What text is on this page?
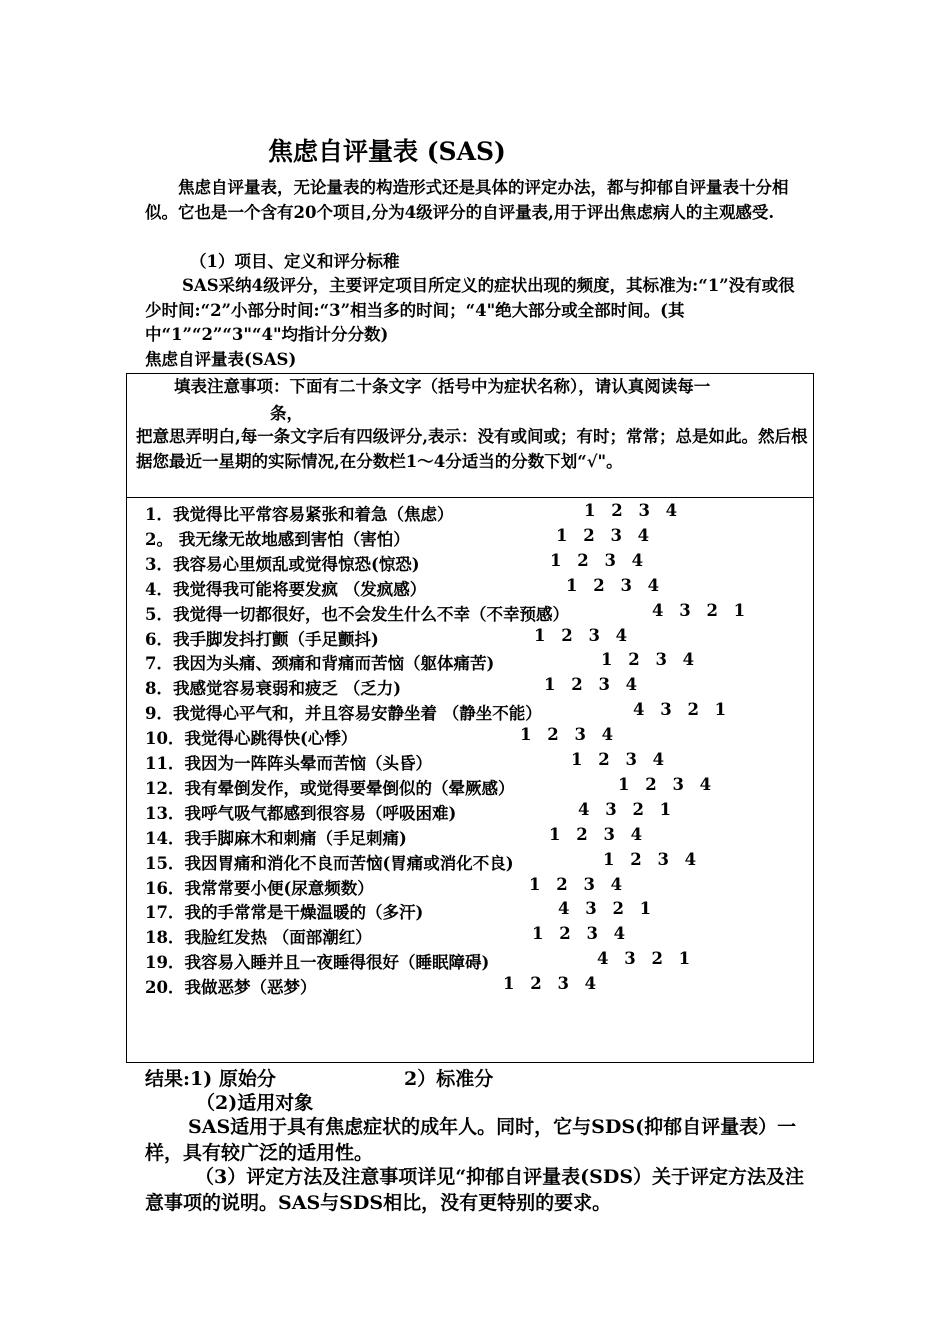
焦虑自评量表 (SAS)
焦虑自评量表，无论量表的构造形式还是具体的评定办法，都与抑郁自评量表十分相似。它也是一个含有20个项目,分为4级评分的自评量表,用于评出焦虑病人的主观感受.
（1）项目、定义和评分标稚
SAS采纳4级评分，主要评定项目所定义的症状出现的频度，其标准为:“1”没有或很少时间:“2”小部分时间:“3”相当多的时间；“4"绝大部分或全部时间。(其中“1”“2”“3"“4"均指计分分数)
焦虑自评量表(SAS)
填表注意事项：下面有二十条文字（括号中为症状名称），请认真阅读每一
条，
把意思弄明白,每一条文字后有四级评分,表示：没有或间或；有时；常常；总是如此。然后根据您最近一星期的实际情况,在分数栏1～4分适当的分数下划“√"。
1．我觉得比平常容易紧张和着急（焦虑）	1 2 3 4
2。 我无缘无故地感到害怕（害怕）	1 2 3 4
3．我容易心里烦乱或觉得惊恐(惊恐)	1 2 3 4
4．我觉得我可能将要发疯 （发疯感）	1 2 3 4
5．我觉得一切都很好，也不会发生什么不幸（不幸预感）	4 3 2 1
6．我手脚发抖打颤（手足颤抖)	1 2 3 4
7．我因为头痛、颈痛和背痛而苦恼（躯体痛苦)	1 2 3 4
8．我感觉容易衰弱和疲乏 （乏力)	1 2 3 4
9．我觉得心平气和，并且容易安静坐着 （静坐不能）	4 3 2 1
10．我觉得心跳得快(心悸）	1 2 3 4
11．我因为一阵阵头晕而苦恼（头昏）	1 2 3 4
12．我有晕倒发作，或觉得要晕倒似的（晕厥感）	1 2 3 4
13．我呼气吸气都感到很容易（呼吸困难)	4 3 2 1
14．我手脚麻木和刺痛（手足刺痛)	1 2 3 4
15．我因胃痛和消化不良而苦恼(胃痛或消化不良)	1 2 3 4
16．我常常要小便(尿意频数）	1 2 3 4
17．我的手常常是干燥温暖的（多汗)	4 3 2 1
18．我脸红发热 （面部潮红）	1 2 3 4
19．我容易入睡并且一夜睡得很好（睡眠障碍)	4 3 2 1
20．我做恶梦（恶梦）	1 2 3 4
结果:1) 原始分	2）标准分
（2)适用对象
SAS适用于具有焦虑症状的成年人。同时，它与SDS(抑郁自评量表）一样，具有较广泛的适用性。
（3）评定方法及注意事项详见“抑郁自评量表(SDS）关于评定方法及注意事项的说明。SAS与SDS相比，没有更特别的要求。
